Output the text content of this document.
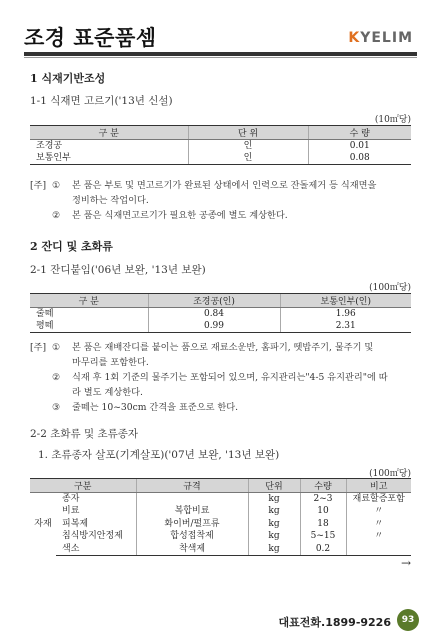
조경 표준품셈	KYELIM
1 식재기반조성
1-1 식재면 고르기('13년 신설)
(10㎡당)
구 분	단 위	수 량
조경공	인	0.01
보통인부	인	0.08
[주] ① 본 품은 부토 및 면고르기가 완료된 상태에서 인력으로 잔돌제거 등 식재면을
정비하는 작업이다.
② 본 품은 식재면고르기가 필요한 공종에 별도 계상한다.
2 잔디 및 초화류
2-1 잔디붙임('06년 보완, '13년 보완)
(100㎡당)
구 분	조경공(인)	보통인부(인)
줄떼	0.84	1.96
평떼	0.99	2.31
[주] ① 본 품은 재배잔디를 붙이는 품으로 재료소운반, 홈파기, 뗏밥주기, 물주기 및
마무리를 포함한다.
② 식재 후 1회 기준의 물주기는 포함되어 있으며, 유지관리는"4-5 유지관리"에 따
라 별도 계상한다.
③ 줄떼는 10~30cm 간격을 표준으로 한다.
2-2 초화류 및 초류종자
1. 초류종자 살포(기계살포)('07년 보완, '13년 보완)
(100㎡당)
구분		규격	단위	수량	비고
자재	종자		kg	2~3	재료할증포함
	비료	복합비료	kg	10	〃
	피복제	화이버/펄프류	kg	18	〃
	침식방지안정제	합성접착제	kg	5~15	〃
	색소	착색제	kg	0.2	
→
대표전화.1899-9226	93
